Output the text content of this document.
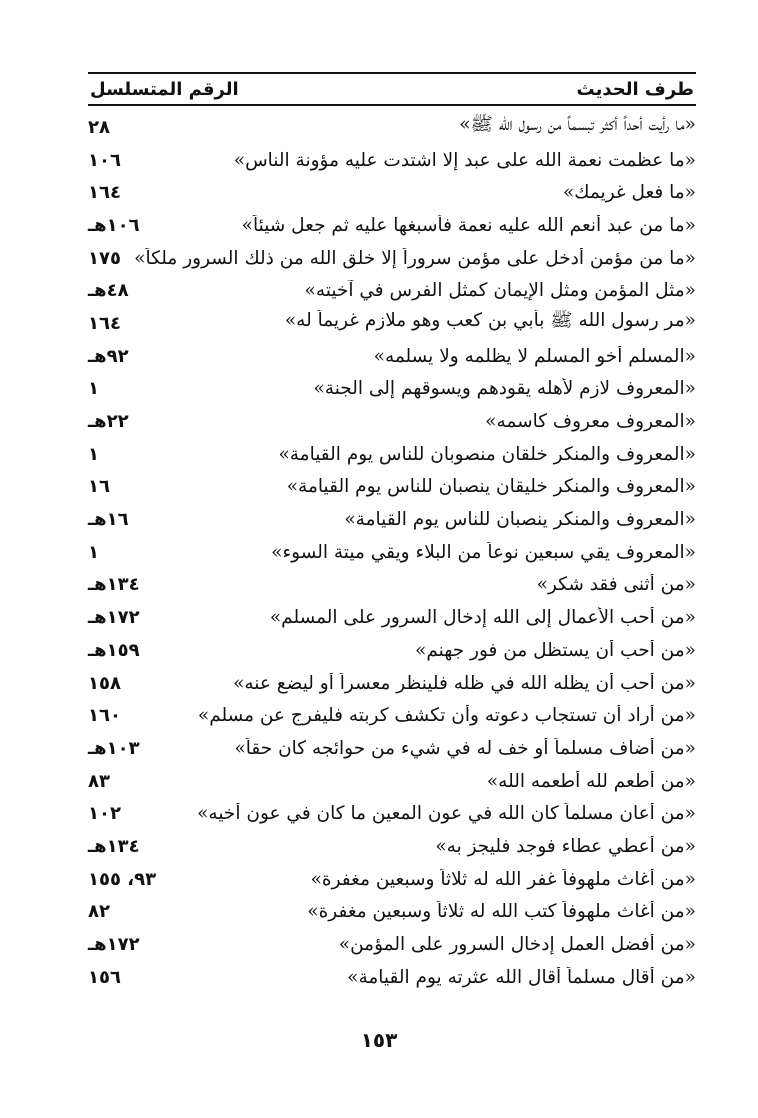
طرف الحديث
الرقم المتسلسل
«ما رأيت أحداً أكثر تبسماً من رسول الله ﷺ»
٢٨
«ما عظمت نعمة الله على عبد إلا اشتدت عليه مؤونة الناس»
١٠٦
«ما فعل غريمك»
١٦٤
«ما من عبد أنعم الله عليه نعمة فأسبغها عليه ثم جعل شيئاً»
١٠٦هـ
«ما من مؤمن أدخل على مؤمن سروراً إلا خلق الله من ذلك السرور ملكاً»
١٧٥
«مثل المؤمن ومثل الإيمان كمثل الفرس في آخيته»
٤٨هـ
«مر رسول الله ﷺ بأبي بن كعب وهو ملازم غريماً له»
١٦٤
«المسلم أخو المسلم لا يظلمه ولا يسلمه»
٩٢هـ
«المعروف لازم لأهله يقودهم ويسوقهم إلى الجنة»
١
«المعروف معروف كاسمه»
٢٢هـ
«المعروف والمنكر خلقان منصوبان للناس يوم القيامة»
١
«المعروف والمنكر خليقان ينصبان للناس يوم القيامة»
١٦
«المعروف والمنكر ينصبان للناس يوم القيامة»
١٦هـ
«المعروف يقي سبعين نوعاً من البلاء ويقي ميتة السوء»
١
«من أثنى فقد شكر»
١٣٤هـ
«من أحب الأعمال إلى الله إدخال السرور على المسلم»
١٧٢هـ
«من أحب أن يستظل من فور جهنم»
١٥٩هـ
«من أحب أن يظله الله في ظله فلينظر معسراً أو ليضع عنه»
١٥٨
«من أراد أن تستجاب دعوته وأن تكشف كربته فليفرج عن مسلم»
١٦٠
«من أضاف مسلماً أو خف له في شيء من حوائجه كان حقاً»
١٠٣هـ
«من أطعم لله أطعمه الله»
٨٣
«من أعان مسلماً كان الله في عون المعين ما كان في عون أخيه»
١٠٢
«من أعطي عطاء فوجد فليجز به»
١٣٤هـ
«من أغاث ملهوفاً غفر الله له ثلاثاً وسبعين مغفرة»
٩٣، ١٥٥
«من أغاث ملهوفاً كتب الله له ثلاثاً وسبعين مغفرة»
٨٢
«من أفضل العمل إدخال السرور على المؤمن»
١٧٢هـ
«من أقال مسلماً أقال الله عثرته يوم القيامة»
١٥٦
١٥٣
